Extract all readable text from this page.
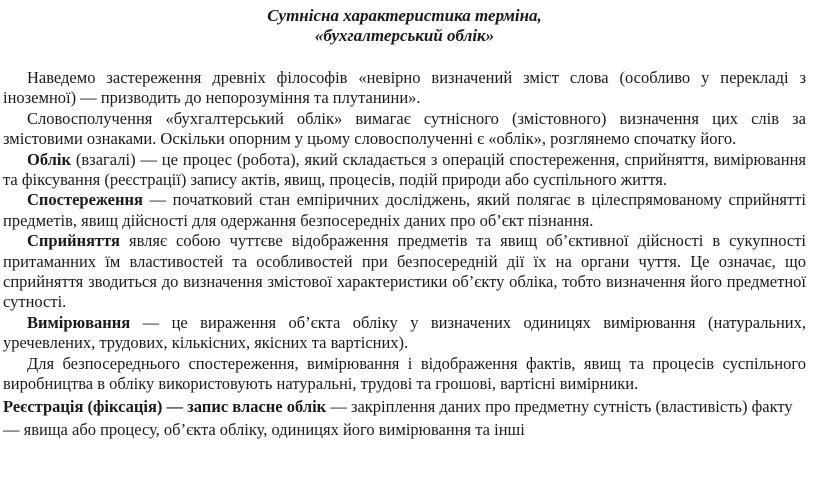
Сутнісна характеристика терміна,
«бухгалтерський облік»

Наведемо застереження древніх філософів «невірно визначений зміст слова (особливо у перекладі з іноземної) — призводить до непорозуміння та плутанини».

Словосполучення «бухгалтерський облік» вимагає сутнісного (змістовного) визначення цих слів за змістовими ознаками. Оскільки опорним у цьому словосполученні є «облік», розглянемо спочатку його.

Облік (взагалі) — це процес (робота), який складається з операцій спостереження, сприйняття, вимірювання та фіксування (реєстрації) запису актів, явищ, процесів, подій природи або суспільного життя.

Спостереження — початковий стан емпіричних досліджень, який полягає в цілеспрямованому сприйнятті предметів, явищ дійсності для одержання безпосередніх даних про об’єкт пізнання.

Сприйняття являє собою чуттєве відображення предметів та явищ об’єктивної дійсності в сукупності притаманних їм властивостей та особливостей при безпосередній дії їх на органи чуття. Це означає, що сприйняття зводиться до визначення змістової характеристики об’єкту обліка, тобто визначення його предметної сутності.

Вимірювання — це вираження об’єкта обліку у визначених одиницях вимірювання (натуральних, уречевлених, трудових, кількісних, якісних та вартісних).

Для безпосереднього спостереження, вимірювання і відображення фактів, явищ та процесів суспільного виробництва в обліку використовують натуральні, трудові та грошові, вартісні вимірники.

Реєстрація (фіксація) — запис власне облік — закріплення даних про предметну сутність (властивість) факту — явища або процесу, об’єкта обліку, одиницях його вимірювання та інші
